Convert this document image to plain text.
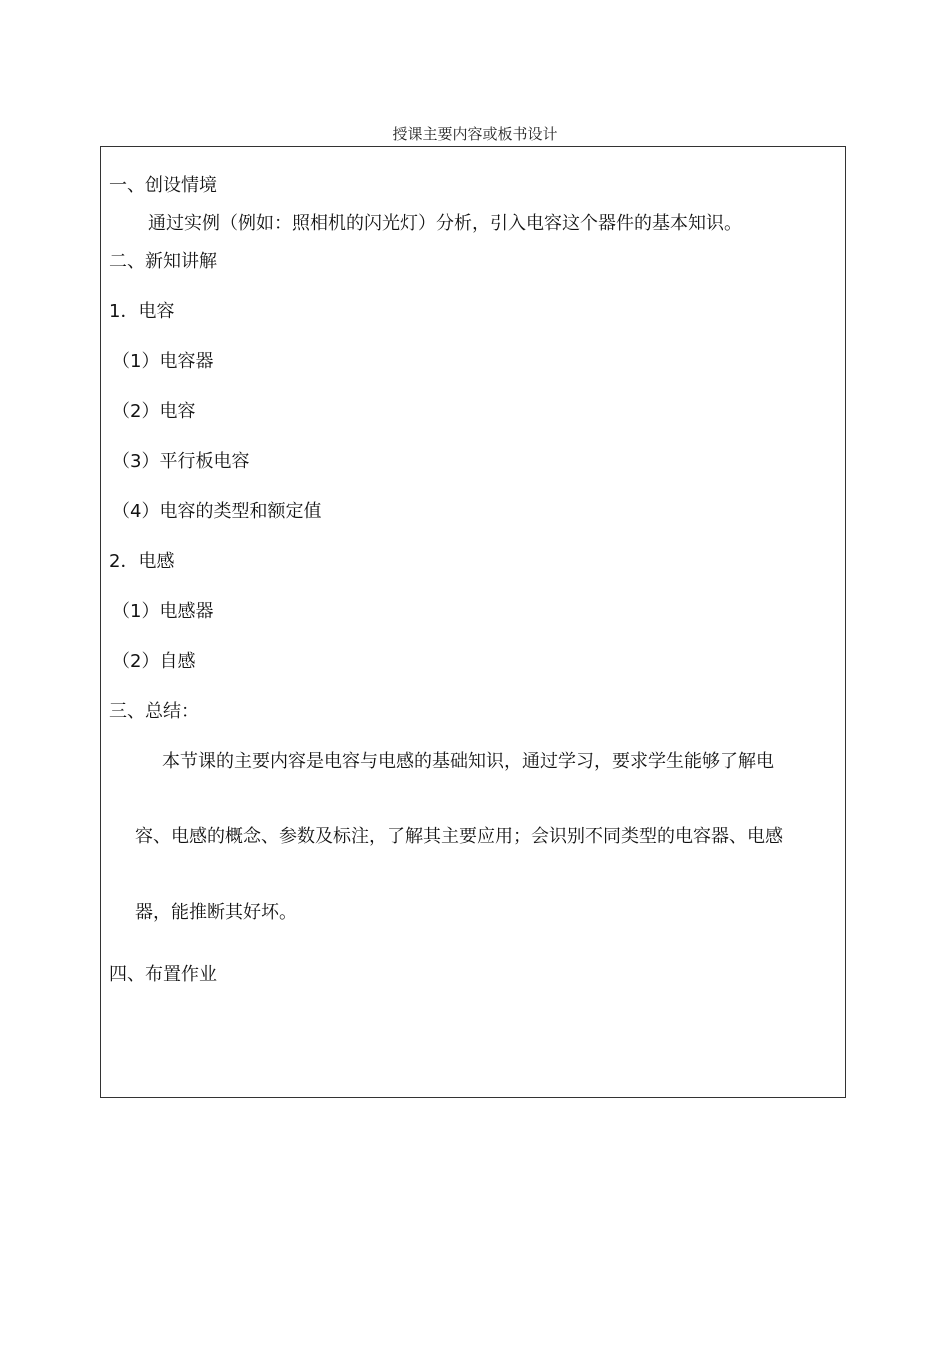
授课主要内容或板书设计
一、创设情境
通过实例（例如：照相机的闪光灯）分析，引入电容这个器件的基本知识。
二、新知讲解
1．电容
（1）电容器
（2）电容
（3）平行板电容
（4）电容的类型和额定值
2．电感
（1）电感器
（2）自感
三、总结：
本节课的主要内容是电容与电感的基础知识，通过学习，要求学生能够了解电
容、电感的概念、参数及标注，了解其主要应用；会识别不同类型的电容器、电感
器，能推断其好坏。
四、布置作业
